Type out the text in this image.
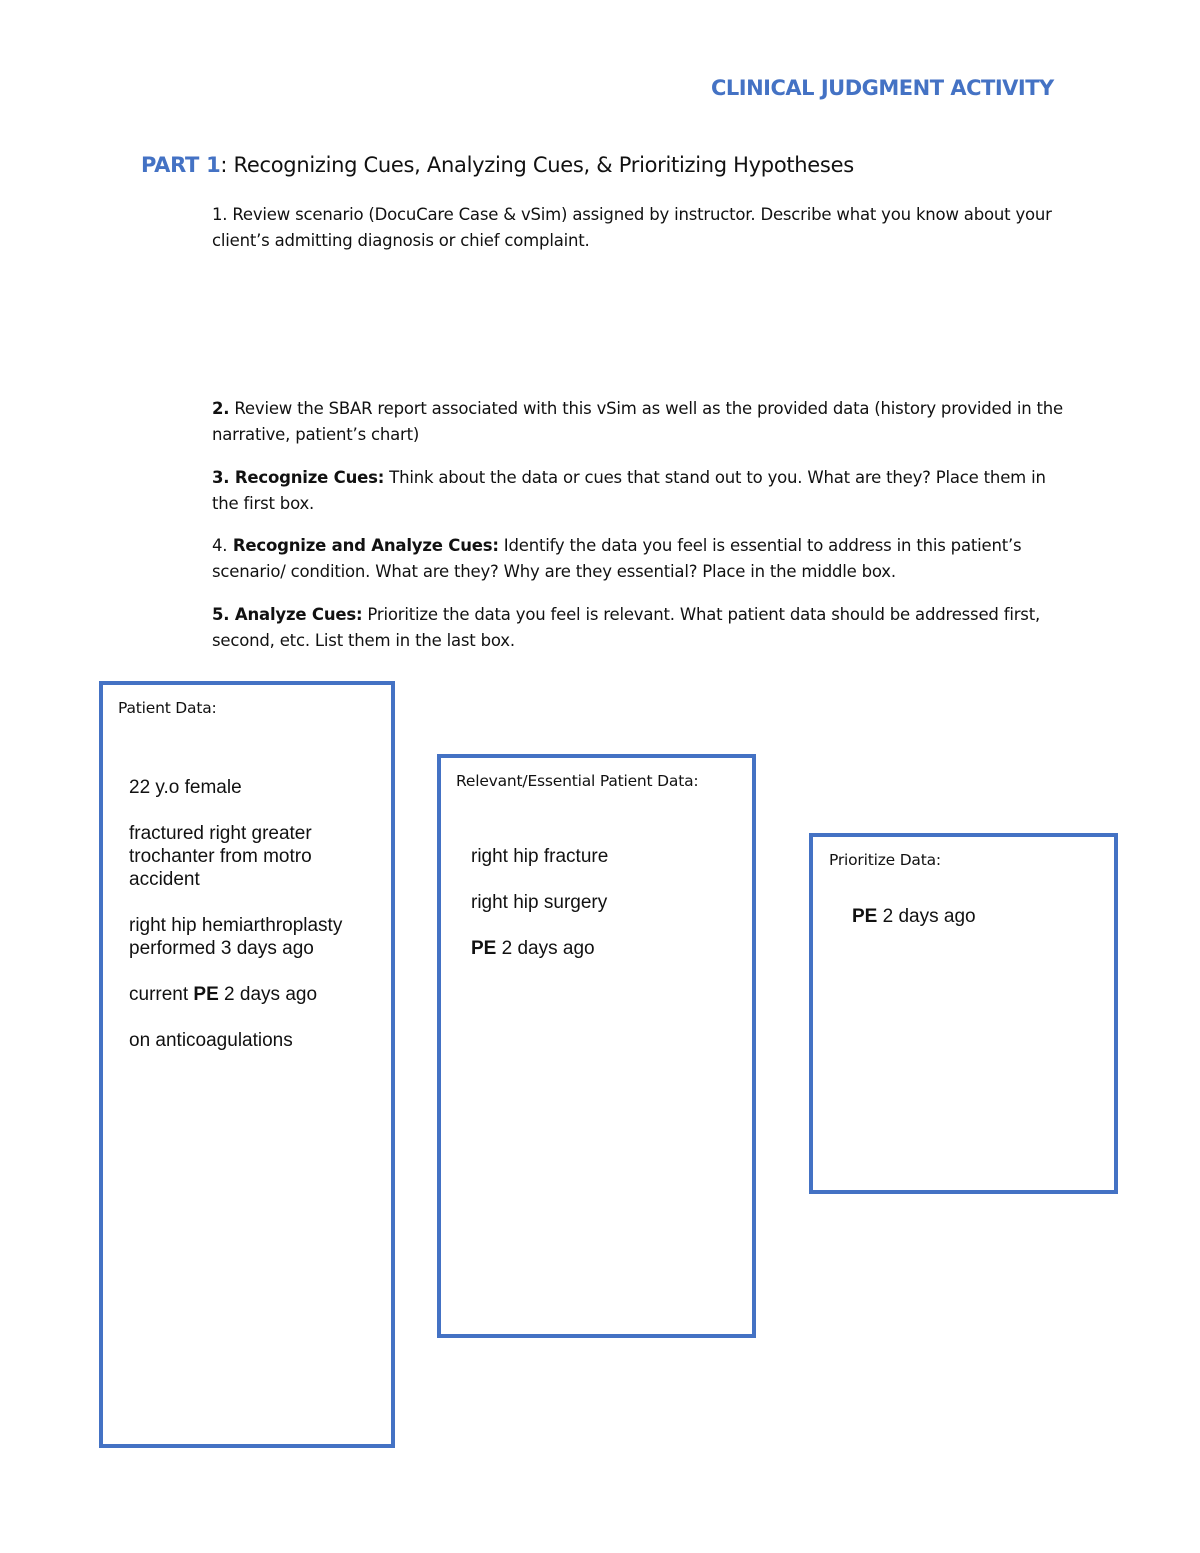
CLINICAL JUDGMENT ACTIVITY
PART 1: Recognizing Cues, Analyzing Cues, & Prioritizing Hypotheses
1. Review scenario (DocuCare Case & vSim) assigned by instructor. Describe what you know about your client’s admitting diagnosis or chief complaint.
2. Review the SBAR report associated with this vSim as well as the provided data (history provided in the narrative, patient’s chart)
3. Recognize Cues: Think about the data or cues that stand out to you. What are they? Place them in the first box.
4. Recognize and Analyze Cues: Identify the data you feel is essential to address in this patient’s scenario/ condition. What are they? Why are they essential? Place in the middle box.
5. Analyze Cues: Prioritize the data you feel is relevant. What patient data should be addressed first, second, etc. List them in the last box.
Patient Data:
22 y.o female
fractured right greater
trochanter from motro
accident
right hip hemiarthroplasty
performed 3 days ago
current PE 2 days ago
on anticoagulations
Relevant/Essential Patient Data:
right hip fracture
right hip surgery
PE 2 days ago
Prioritize Data:
PE 2 days ago
